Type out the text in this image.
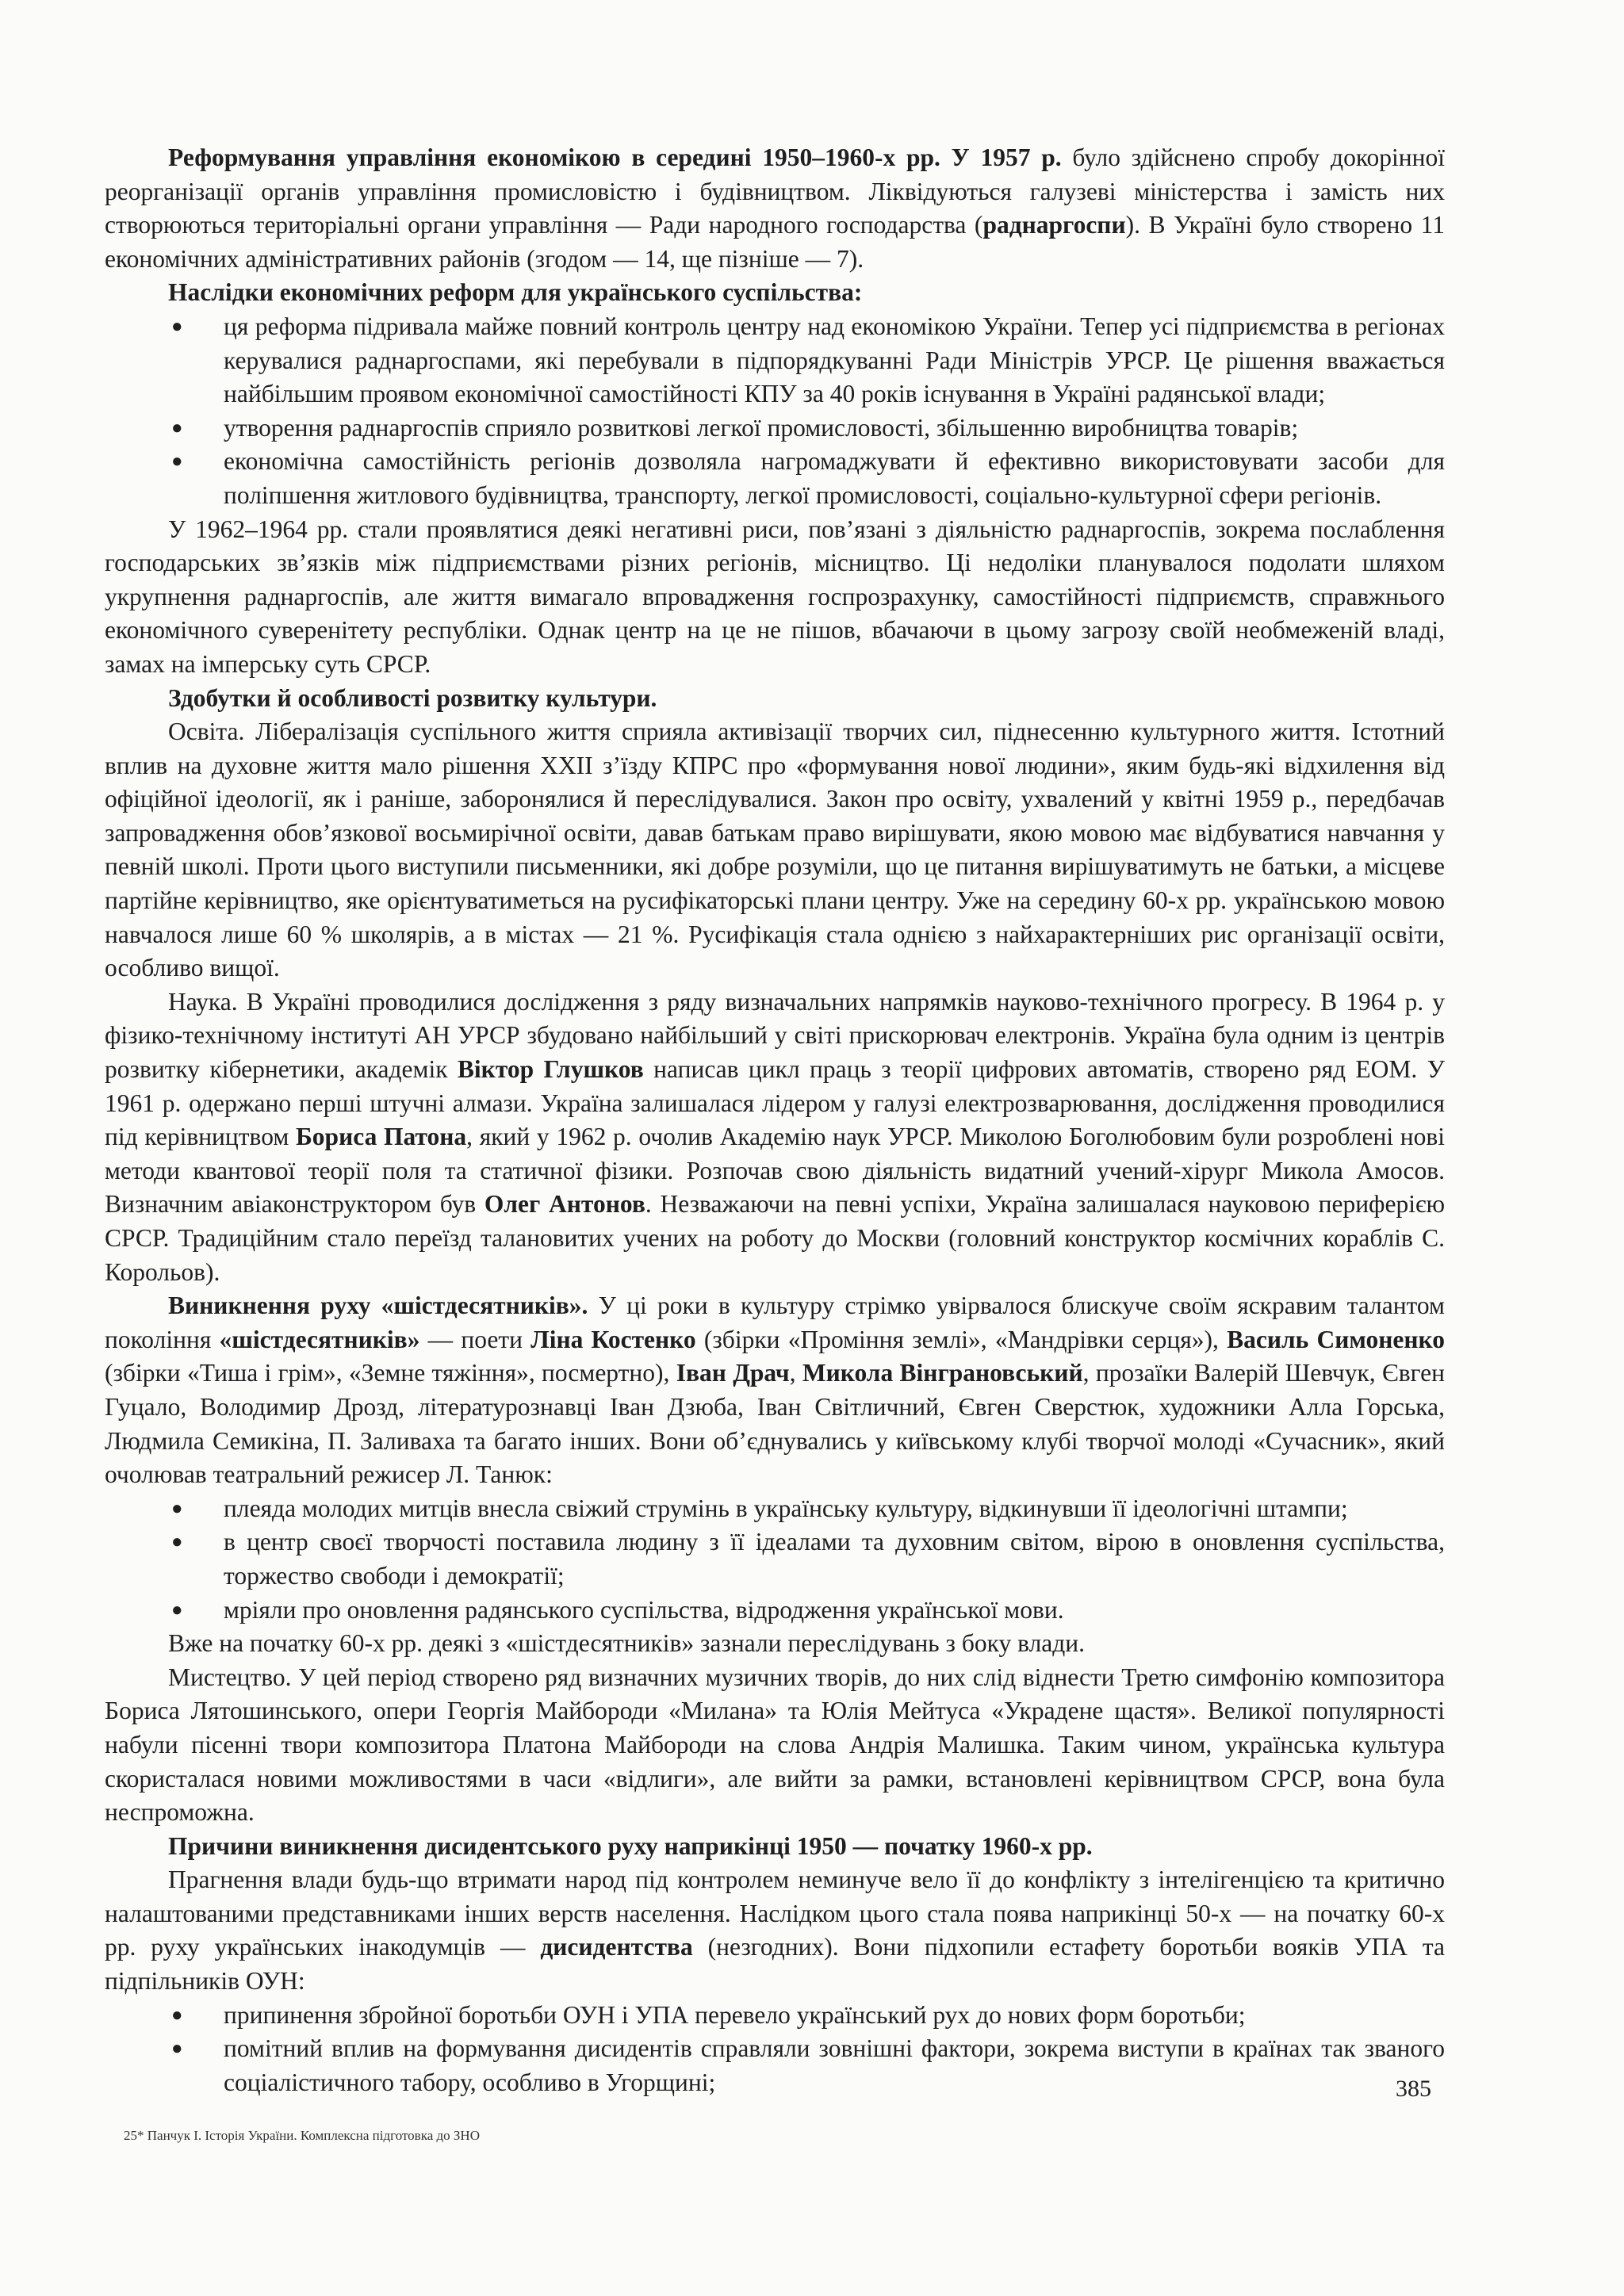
Реформування управління економікою в середині 1950–1960-х рр. У 1957 р. було здійснено спробу докорінної реорганізації органів управління промисловістю і будівництвом. Ліквідуються галузеві міністерства і замість них створюються територіальні органи управління — Ради народного господарства (раднаргоспи). В Україні було створено 11 економічних адміністративних районів (згодом — 14, ще пізніше — 7).

Наслідки економічних реформ для українського суспільства:

● ця реформа підривала майже повний контроль центру над економікою України. Тепер усі підприємства в регіонах керувалися раднаргоспами, які перебували в підпорядкуванні Ради Міністрів УРСР. Це рішення вважається найбільшим проявом економічної самостійності КПУ за 40 років існування в Україні радянської влади;
● утворення раднаргоспів сприяло розвиткові легкої промисловості, збільшенню виробництва товарів;
● економічна самостійність регіонів дозволяла нагромаджувати й ефективно використовувати засоби для поліпшення житлового будівництва, транспорту, легкої промисловості, соціально-культурної сфери регіонів.

У 1962–1964 рр. стали проявлятися деякі негативні риси, пов’язані з діяльністю раднаргоспів, зокрема послаблення господарських зв’язків між підприємствами різних регіонів, місництво. Ці недоліки планувалося подолати шляхом укрупнення раднаргоспів, але життя вимагало впровадження госпрозрахунку, самостійності підприємств, справжнього економічного суверенітету республіки. Однак центр на це не пішов, вбачаючи в цьому загрозу своїй необмеженій владі, замах на імперську суть СРСР.

Здобутки й особливості розвитку культури.

Освіта. Лібералізація суспільного життя сприяла активізації творчих сил, піднесенню культурного життя. Істотний вплив на духовне життя мало рішення XXII з’їзду КПРС про «формування нової людини», яким будь-які відхилення від офіційної ідеології, як і раніше, заборонялися й переслідувалися. Закон про освіту, ухвалений у квітні 1959 р., передбачав запровадження обов’язкової восьмирічної освіти, давав батькам право вирішувати, якою мовою має відбуватися навчання у певній школі. Проти цього виступили письменники, які добре розуміли, що це питання вирішуватимуть не батьки, а місцеве партійне керівництво, яке орієнтуватиметься на русифікаторські плани центру. Уже на середину 60-х рр. українською мовою навчалося лише 60 % школярів, а в містах — 21 %. Русифікація стала однією з найхарактерніших рис організації освіти, особливо вищої.

Наука. В Україні проводилися дослідження з ряду визначальних напрямків науково-технічного прогресу. В 1964 р. у фізико-технічному інституті АН УРСР збудовано найбільший у світі прискорювач електронів. Україна була одним із центрів розвитку кібернетики, академік Віктор Глушков написав цикл праць з теорії цифрових автоматів, створено ряд ЕОМ. У 1961 р. одержано перші штучні алмази. Україна залишалася лідером у галузі електрозварювання, дослідження проводилися під керівництвом Бориса Патона, який у 1962 р. очолив Академію наук УРСР. Миколою Боголюбовим були розроблені нові методи квантової теорії поля та статичної фізики. Розпочав свою діяльність видатний учений-хірург Микола Амосов. Визначним авіаконструктором був Олег Антонов. Незважаючи на певні успіхи, Україна залишалася науковою периферією СРСР. Традиційним стало переїзд талановитих учених на роботу до Москви (головний конструктор космічних кораблів С. Корольов).

Виникнення руху «шістдесятників». У ці роки в культуру стрімко увірвалося блискуче своїм яскравим талантом покоління «шістдесятників» — поети Ліна Костенко (збірки «Проміння землі», «Мандрівки серця»), Василь Симоненко (збірки «Тиша і грім», «Земне тяжіння», посмертно), Іван Драч, Микола Вінграновський, прозаїки Валерій Шевчук, Євген Гуцало, Володимир Дрозд, літературознавці Іван Дзюба, Іван Світличний, Євген Сверстюк, художники Алла Горська, Людмила Семикіна, П. Заливаха та багато інших. Вони об’єднувались у київському клубі творчої молоді «Сучасник», який очолював театральний режисер Л. Танюк:

● плеяда молодих митців внесла свіжий струмінь в українську культуру, відкинувши її ідеологічні штампи;
● в центр своєї творчості поставила людину з її ідеалами та духовним світом, вірою в оновлення суспільства, торжество свободи і демократії;
● мріяли про оновлення радянського суспільства, відродження української мови.

Вже на початку 60-х рр. деякі з «шістдесятників» зазнали переслідувань з боку влади.

Мистецтво. У цей період створено ряд визначних музичних творів, до них слід віднести Третю симфонію композитора Бориса Лятошинського, опери Георгія Майбороди «Милана» та Юлія Мейтуса «Украдене щастя». Великої популярності набули пісенні твори композитора Платона Майбороди на слова Андрія Малишка. Таким чином, українська культура скористалася новими можливостями в часи «відлиги», але вийти за рамки, встановлені керівництвом СРСР, вона була неспроможна.

Причини виникнення дисидентського руху наприкінці 1950 — початку 1960-х рр.

Прагнення влади будь-що втримати народ під контролем неминуче вело її до конфлікту з інтелігенцією та критично налаштованими представниками інших верств населення. Наслідком цього стала поява наприкінці 50-х — на початку 60-х рр. руху українських інакодумців — дисидентства (незгодних). Вони підхопили естафету боротьби вояків УПА та підпільників ОУН:

● припинення збройної боротьби ОУН і УПА перевело український рух до нових форм боротьби;
● помітний вплив на формування дисидентів справляли зовнішні фактори, зокрема виступи в країнах так званого соціалістичного табору, особливо в Угорщині;	385
25* Панчук І. Історія України. Комплексна підготовка до ЗНО
